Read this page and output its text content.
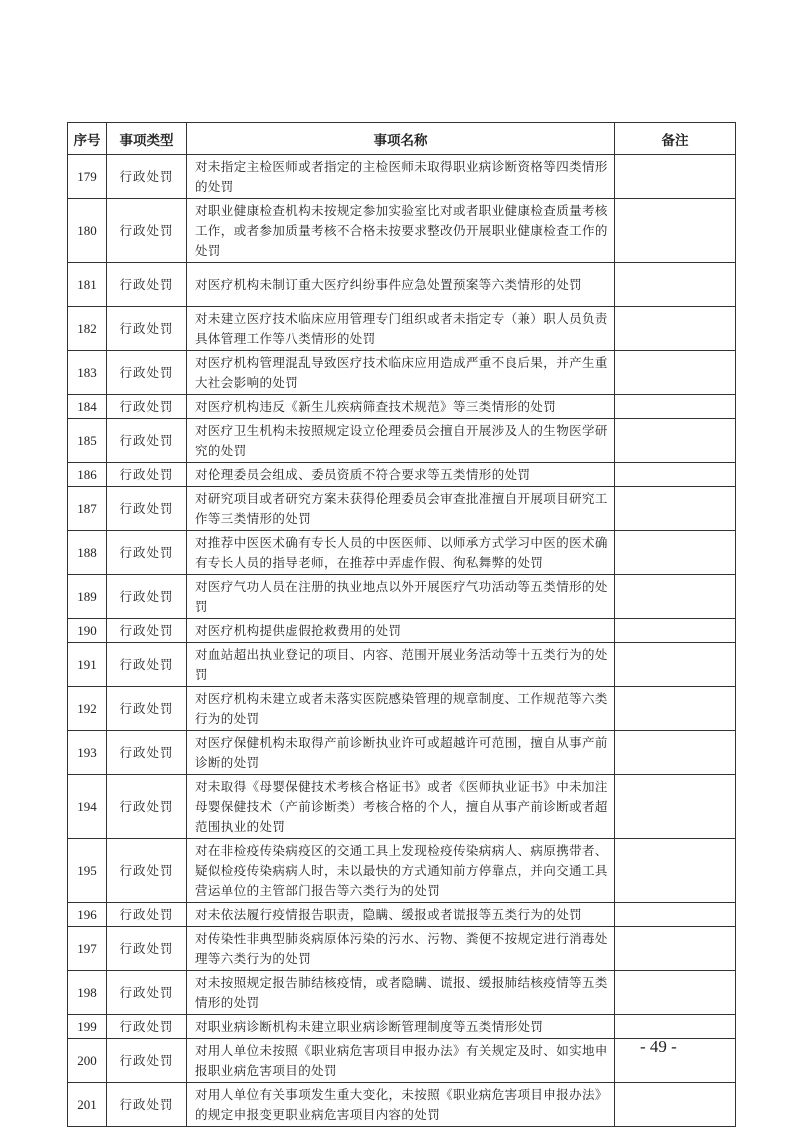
序号	事项类型	事项名称	备注
179	行政处罚	对未指定主检医师或者指定的主检医师未取得职业病诊断资格等四类情形的处罚	
180	行政处罚	对职业健康检查机构未按规定参加实验室比对或者职业健康检查质量考核工作，或者参加质量考核不合格未按要求整改仍开展职业健康检查工作的处罚	
181	行政处罚	对医疗机构未制订重大医疗纠纷事件应急处置预案等六类情形的处罚	
182	行政处罚	对未建立医疗技术临床应用管理专门组织或者未指定专（兼）职人员负责具体管理工作等八类情形的处罚	
183	行政处罚	对医疗机构管理混乱导致医疗技术临床应用造成严重不良后果，并产生重大社会影响的处罚	
184	行政处罚	对医疗机构违反《新生儿疾病筛查技术规范》等三类情形的处罚	
185	行政处罚	对医疗卫生机构未按照规定设立伦理委员会擅自开展涉及人的生物医学研究的处罚	
186	行政处罚	对伦理委员会组成、委员资质不符合要求等五类情形的处罚	
187	行政处罚	对研究项目或者研究方案未获得伦理委员会审查批准擅自开展项目研究工作等三类情形的处罚	
188	行政处罚	对推荐中医医术确有专长人员的中医医师、以师承方式学习中医的医术确有专长人员的指导老师，在推荐中弄虚作假、徇私舞弊的处罚	
189	行政处罚	对医疗气功人员在注册的执业地点以外开展医疗气功活动等五类情形的处罚	
190	行政处罚	对医疗机构提供虚假抢救费用的处罚	
191	行政处罚	对血站超出执业登记的项目、内容、范围开展业务活动等十五类行为的处罚	
192	行政处罚	对医疗机构未建立或者未落实医院感染管理的规章制度、工作规范等六类行为的处罚	
193	行政处罚	对医疗保健机构未取得产前诊断执业许可或超越许可范围，擅自从事产前诊断的处罚	
194	行政处罚	对未取得《母婴保健技术考核合格证书》或者《医师执业证书》中未加注母婴保健技术（产前诊断类）考核合格的个人，擅自从事产前诊断或者超范围执业的处罚	
195	行政处罚	对在非检疫传染病疫区的交通工具上发现检疫传染病病人、病原携带者、疑似检疫传染病病人时，未以最快的方式通知前方停靠点，并向交通工具营运单位的主管部门报告等六类行为的处罚	
196	行政处罚	对未依法履行疫情报告职责，隐瞒、缓报或者谎报等五类行为的处罚	
197	行政处罚	对传染性非典型肺炎病原体污染的污水、污物、粪便不按规定进行消毒处理等六类行为的处罚	
198	行政处罚	对未按照规定报告肺结核疫情，或者隐瞒、谎报、缓报肺结核疫情等五类情形的处罚	
199	行政处罚	对职业病诊断机构未建立职业病诊断管理制度等五类情形处罚	
200	行政处罚	对用人单位未按照《职业病危害项目申报办法》有关规定及时、如实地申报职业病危害项目的处罚	
201	行政处罚	对用人单位有关事项发生重大变化，未按照《职业病危害项目申报办法》的规定申报变更职业病危害项目内容的处罚	
- 49 -
